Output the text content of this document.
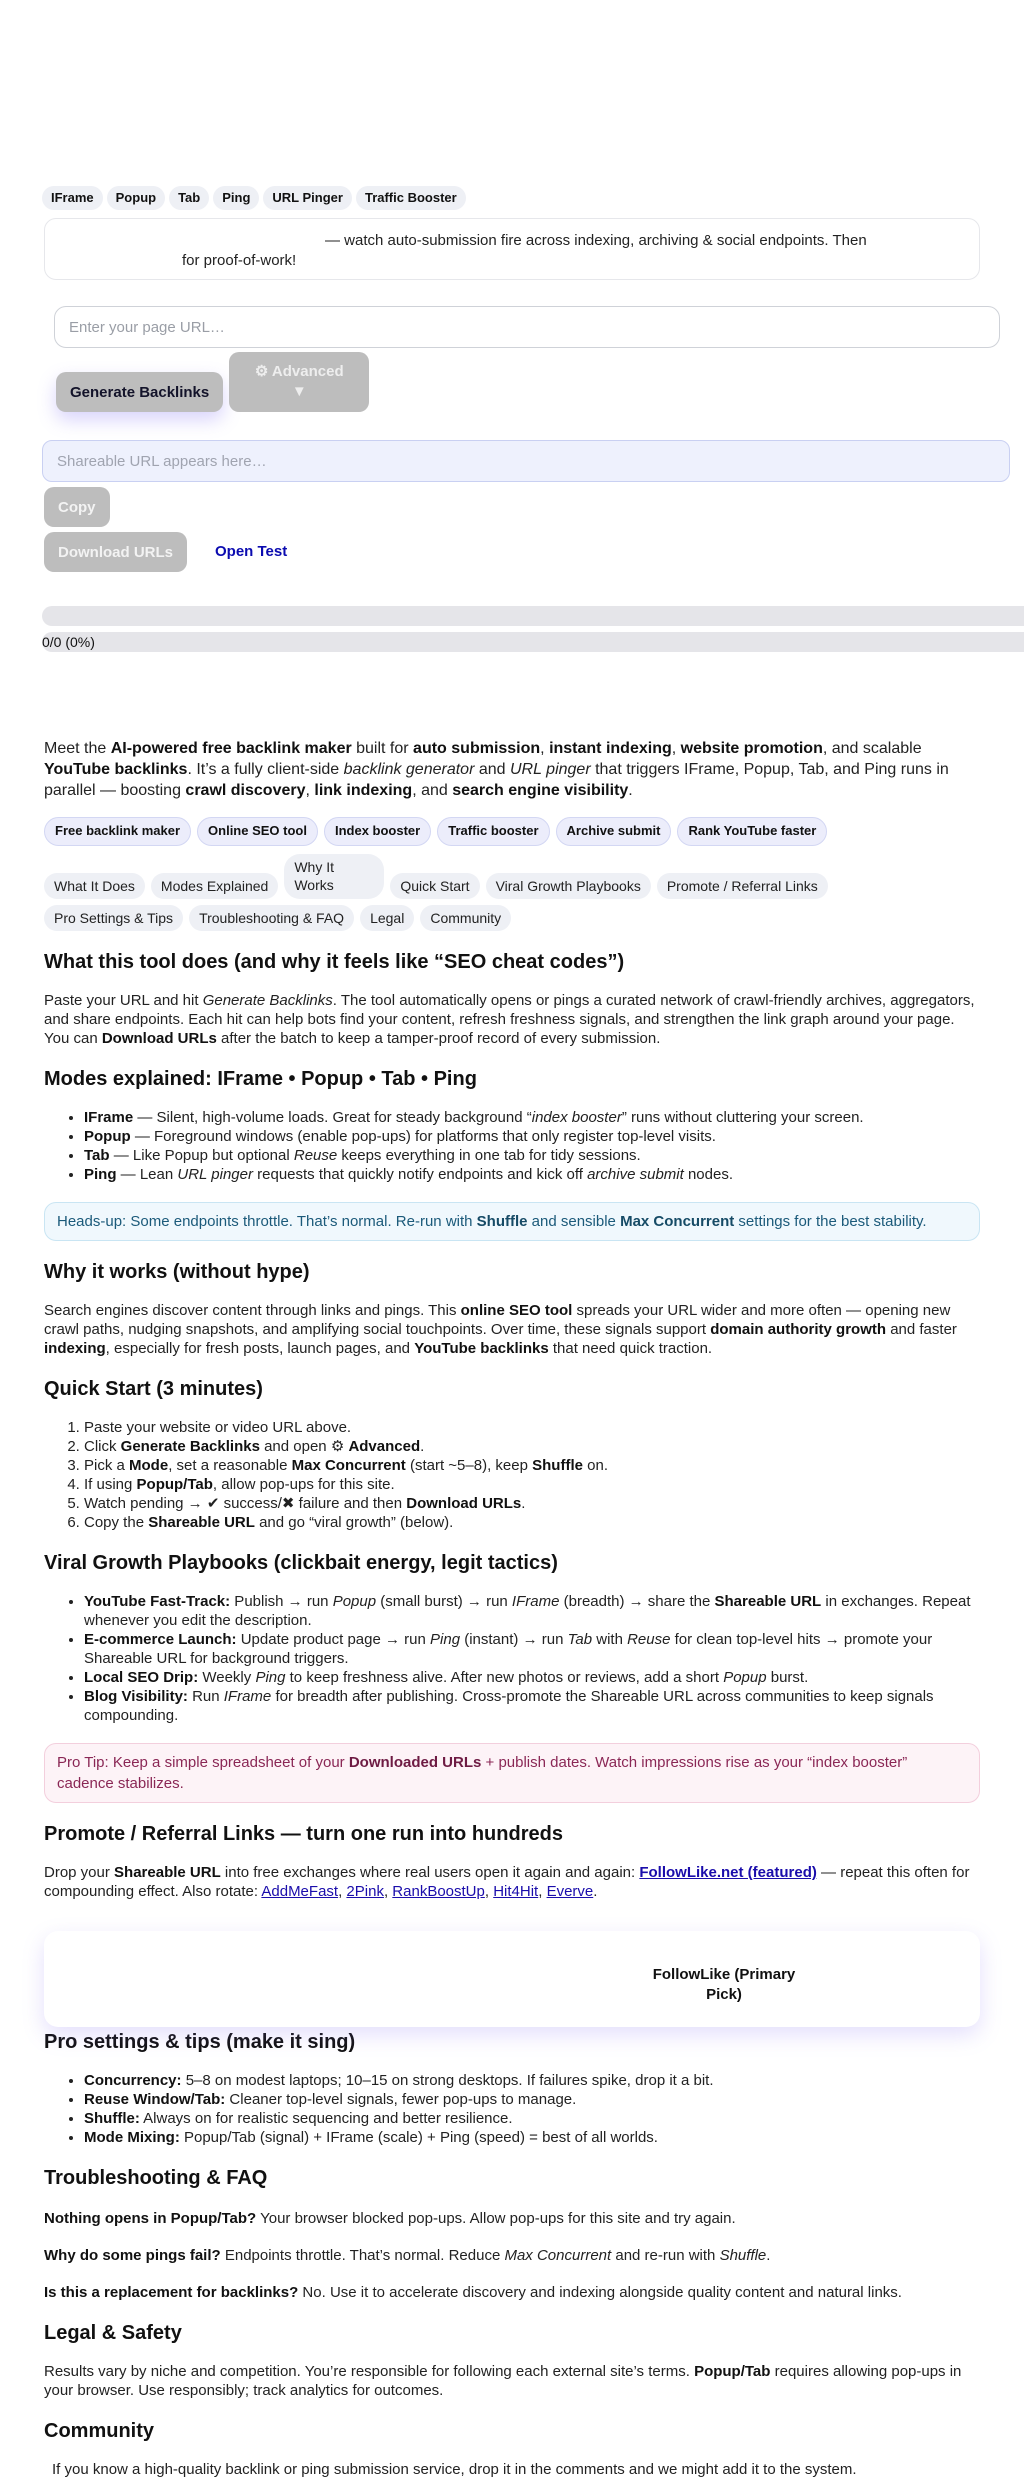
IFrame	Popup	Tab	Ping	URL Pinger	Traffic Booster
— watch auto-submission fire across indexing, archiving & social endpoints. Then
for proof-of-work!
Enter your page URL…
Generate Backlinks
⚙ Advanced
▼
Shareable URL appears here…
Copy
Download URLs	Open Test
0/0 (0%)

Meet the AI-powered free backlink maker built for auto submission, instant indexing, website promotion, and scalable YouTube backlinks. It’s a fully client-side backlink generator and URL pinger that triggers IFrame, Popup, Tab, and Ping runs in parallel — boosting crawl discovery, link indexing, and search engine visibility.

Free backlink maker	Online SEO tool	Index booster	Traffic booster	Archive submit	Rank YouTube faster
What It Does	Modes Explained
Why It Works	Quick Start	Viral Growth Playbooks	Promote / Referral Links
Pro Settings & Tips	Troubleshooting & FAQ	Legal	Community
What this tool does (and why it feels like “SEO cheat codes”)

Paste your URL and hit Generate Backlinks. The tool automatically opens or pings a curated network of crawl-friendly archives, aggregators, and share endpoints. Each hit can help bots find your content, refresh freshness signals, and strengthen the link graph around your page. You can Download URLs after the batch to keep a tamper-proof record of every submission.

Modes explained: IFrame • Popup • Tab • Ping
• IFrame — Silent, high-volume loads. Great for steady background “index booster” runs without cluttering your screen.
• Popup — Foreground windows (enable pop-ups) for platforms that only register top-level visits.
• Tab — Like Popup but optional Reuse keeps everything in one tab for tidy sessions.
• Ping — Lean URL pinger requests that quickly notify endpoints and kick off archive submit nodes.
Heads-up: Some endpoints throttle. That’s normal. Re-run with Shuffle and sensible Max Concurrent settings for the best stability.
Why it works (without hype)

Search engines discover content through links and pings. This online SEO tool spreads your URL wider and more often — opening new crawl paths, nudging snapshots, and amplifying social touchpoints. Over time, these signals support domain authority growth and faster indexing, especially for fresh posts, launch pages, and YouTube backlinks that need quick traction.

Quick Start (3 minutes)
1. Paste your website or video URL above.
2. Click Generate Backlinks and open ⚙ Advanced.
3. Pick a Mode, set a reasonable Max Concurrent (start ~5–8), keep Shuffle on.
4. If using Popup/Tab, allow pop-ups for this site.
5. Watch pending → ✔ success/✖ failure and then Download URLs.
6. Copy the Shareable URL and go “viral growth” (below).
Viral Growth Playbooks (clickbait energy, legit tactics)
• YouTube Fast-Track: Publish → run Popup (small burst) → run IFrame (breadth) → share the Shareable URL in exchanges. Repeat whenever you edit the description.
• E-commerce Launch: Update product page → run Ping (instant) → run Tab with Reuse for clean top-level hits → promote your Shareable URL for background triggers.
• Local SEO Drip: Weekly Ping to keep freshness alive. After new photos or reviews, add a short Popup burst.
• Blog Visibility: Run IFrame for breadth after publishing. Cross-promote the Shareable URL across communities to keep signals compounding.
Pro Tip: Keep a simple spreadsheet of your Downloaded URLs + publish dates. Watch impressions rise as your “index booster” cadence stabilizes.
Promote / Referral Links — turn one run into hundreds

Drop your Shareable URL into free exchanges where real users open it again and again: FollowLike.net (featured) — repeat this often for compounding effect. Also rotate: AddMeFast, 2Pink, RankBoostUp, Hit4Hit, Everve.

FollowLike (Primary Pick)
Pro settings & tips (make it sing)
• Concurrency: 5–8 on modest laptops; 10–15 on strong desktops. If failures spike, drop it a bit.
• Reuse Window/Tab: Cleaner top-level signals, fewer pop-ups to manage.
• Shuffle: Always on for realistic sequencing and better resilience.
• Mode Mixing: Popup/Tab (signal) + IFrame (scale) + Ping (speed) = best of all worlds.
Troubleshooting & FAQ

Nothing opens in Popup/Tab? Your browser blocked pop-ups. Allow pop-ups for this site and try again.

Why do some pings fail? Endpoints throttle. That’s normal. Reduce Max Concurrent and re-run with Shuffle.

Is this a replacement for backlinks? No. Use it to accelerate discovery and indexing alongside quality content and natural links.

Legal & Safety

Results vary by niche and competition. You’re responsible for following each external site’s terms. Popup/Tab requires allowing pop-ups in your browser. Use responsibly; track analytics for outcomes.

Community

If you know a high-quality backlink or ping submission service, drop it in the comments and we might add it to the system.
